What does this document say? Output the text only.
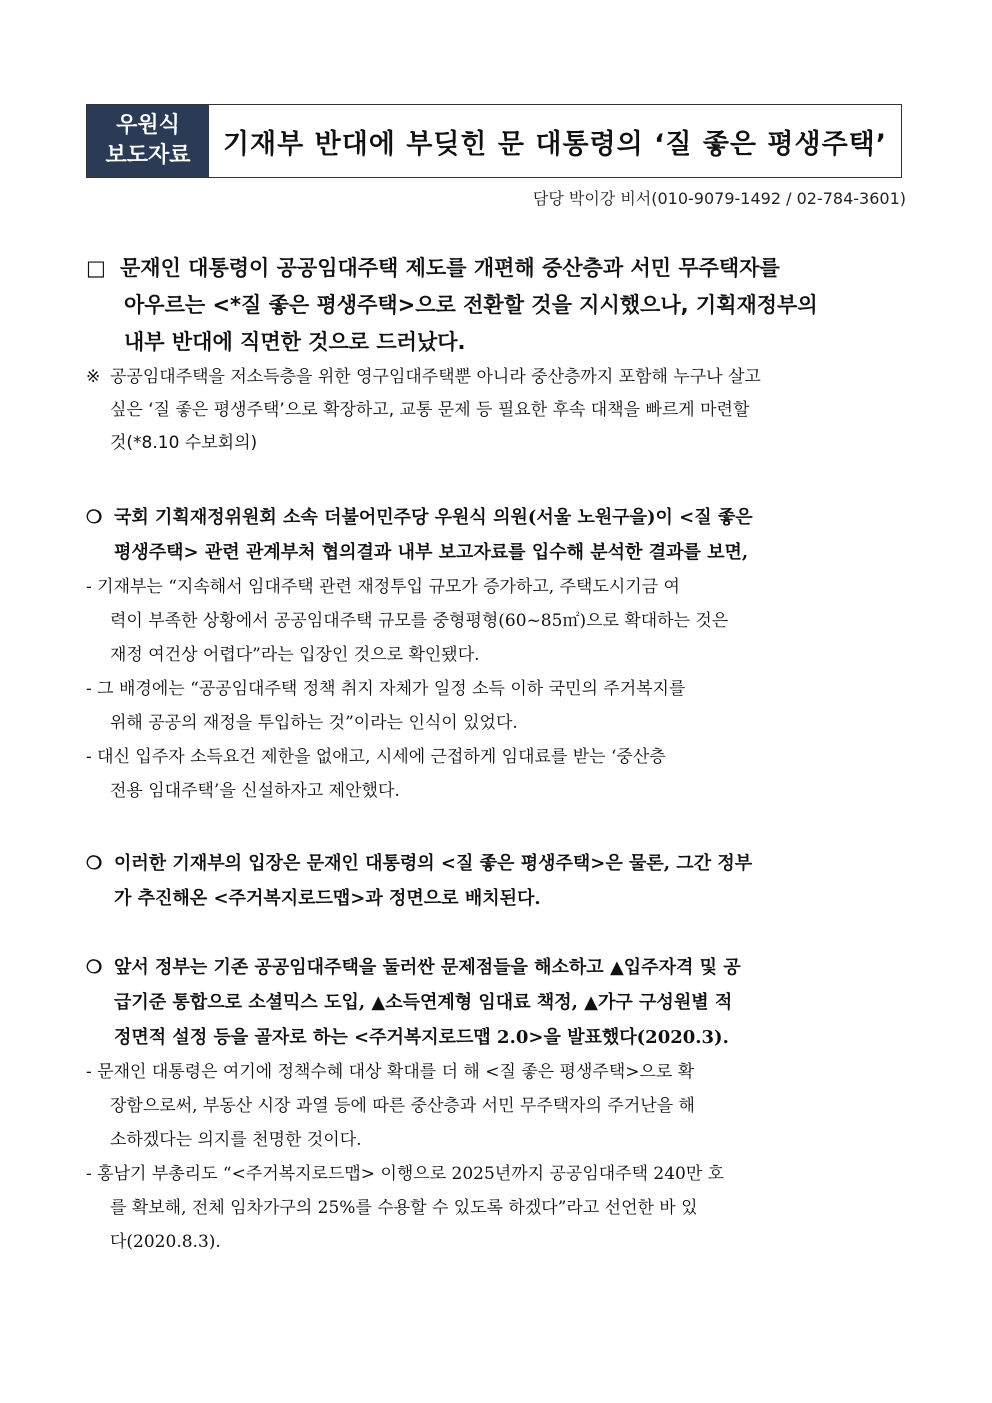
우원식
보도자료	기재부 반대에 부딪힌 문 대통령의 ‘질 좋은 평생주택’
담당 박이강 비서(010-9079-1492 / 02-784-3601)
□ 문재인 대통령이 공공임대주택 제도를 개편해 중산층과 서민 무주택자를
아우르는 <*질 좋은 평생주택>으로 전환할 것을 지시했으나, 기획재정부의
내부 반대에 직면한 것으로 드러났다.
※ 공공임대주택을 저소득층을 위한 영구임대주택뿐 아니라 중산층까지 포함해 누구나 살고
싶은 ‘질 좋은 평생주택’으로 확장하고, 교통 문제 등 필요한 후속 대책을 빠르게 마련할
것(*8.10 수보회의)
❍ 국회 기획재정위원회 소속 더불어민주당 우원식 의원(서울 노원구을)이 <질 좋은
평생주택> 관련 관계부처 협의결과 내부 보고자료를 입수해 분석한 결과를 보면,
- 기재부는 “지속해서 임대주택 관련 재정투입 규모가 증가하고, 주택도시기금 여
력이 부족한 상황에서 공공임대주택 규모를 중형평형(60~85㎡)으로 확대하는 것은
재정 여건상 어렵다”라는 입장인 것으로 확인됐다.
- 그 배경에는 “공공임대주택 정책 취지 자체가 일정 소득 이하 국민의 주거복지를
위해 공공의 재정을 투입하는 것”이라는 인식이 있었다.
- 대신 입주자 소득요건 제한을 없애고, 시세에 근접하게 임대료를 받는 ‘중산층
전용 임대주택’을 신설하자고 제안했다.
❍ 이러한 기재부의 입장은 문재인 대통령의 <질 좋은 평생주택>은 물론, 그간 정부
가 추진해온 <주거복지로드맵>과 정면으로 배치된다.
❍ 앞서 정부는 기존 공공임대주택을 둘러싼 문제점들을 해소하고 ▲입주자격 및 공
급기준 통합으로 소셜믹스 도입, ▲소득연계형 임대료 책정, ▲가구 구성원별 적
정면적 설정 등을 골자로 하는 <주거복지로드맵 2.0>을 발표했다(2020.3).
- 문재인 대통령은 여기에 정책수혜 대상 확대를 더 해 <질 좋은 평생주택>으로 확
장함으로써, 부동산 시장 과열 등에 따른 중산층과 서민 무주택자의 주거난을 해
소하겠다는 의지를 천명한 것이다.
- 홍남기 부총리도 “<주거복지로드맵> 이행으로 2025년까지 공공임대주택 240만 호
를 확보해, 전체 임차가구의 25%를 수용할 수 있도록 하겠다”라고 선언한 바 있
다(2020.8.3).
